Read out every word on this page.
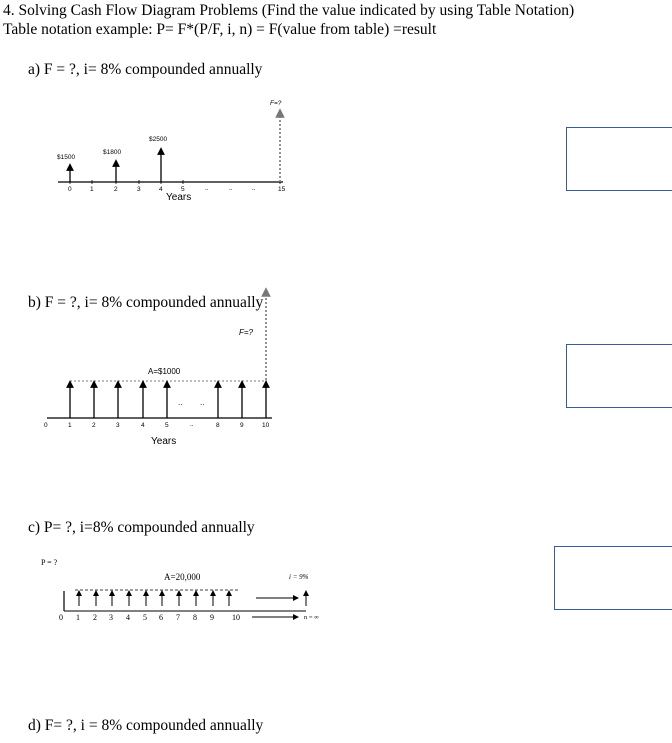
4. Solving Cash Flow Diagram Problems (Find the value indicated by using Table Notation)
Table notation example: P= F*(P/F, i, n) = F(value from table) =result
a) F = ?, i= 8% compounded annually
$1500
$1800
$2500
F=?
0	1	2	3	4	5	..	..	..	15
Years
b) F = ?, i= 8% compounded annually
F=?
A=$1000
.. ..
0	1	2	3	4	5	..	8	9	10
Years
c) P= ?, i=8% compounded annually
P = ?
A=20,000	i = 9%
0 1 2 3 4 5 6 7 8 9 10	n = ∞
d) F= ?, i = 8% compounded annually
